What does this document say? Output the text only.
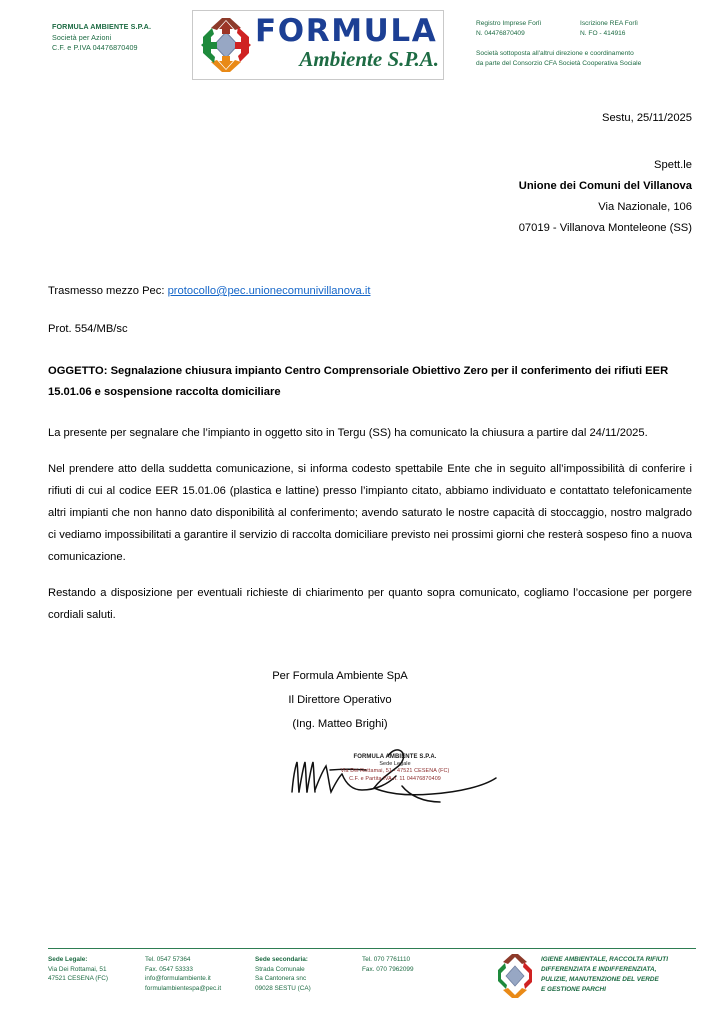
FORMULA AMBIENTE S.P.A.
Società per Azioni
C.F. e P.IVA 04476870409	FORMULA
Ambiente S.P.A.
Registro Imprese Forlì
N. 04476870409
Iscrizione REA Forlì
N. FO - 414916
Società sottoposta all'altrui direzione e coordinamento
da parte del Consorzio CFA Società Cooperativa Sociale
Sestu, 25/11/2025
Spett.le
Unione dei Comuni del Villanova
Via Nazionale, 106
07019 - Villanova Monteleone (SS)
Trasmesso mezzo Pec: protocollo@pec.unionecomunivillanova.it
Prot. 554/MB/sc
OGGETTO: Segnalazione chiusura impianto Centro Comprensoriale Obiettivo Zero per il conferimento dei rifiuti EER 15.01.06 e sospensione raccolta domiciliare
La presente per segnalare che l’impianto in oggetto sito in Tergu (SS) ha comunicato la chiusura a partire dal 24/11/2025.
Nel prendere atto della suddetta comunicazione, si informa codesto spettabile Ente che in seguito all’impossibilità di conferire i rifiuti di cui al codice EER 15.01.06 (plastica e lattine) presso l’impianto citato, abbiamo individuato e contattato telefonicamente altri impianti che non hanno dato disponibilità al conferimento; avendo saturato le nostre capacità di stoccaggio, nostro malgrado ci vediamo impossibilitati a garantire il servizio di raccolta domiciliare previsto nei prossimi giorni che resterà sospeso fino a nuova comunicazione.
Restando a disposizione per eventuali richieste di chiarimento per quanto sopra comunicato, cogliamo l’occasione per porgere cordiali saluti.
Per Formula Ambiente SpA
Il Direttore Operativo
(Ing. Matteo Brighi)
FORMULA AMBIENTE S.P.A.
Sede Legale
Via Dei Rottamai, 51 - 47521 CESENA (FC)
C.F. e Partita IVA n. 11 04476870409
Sede Legale:
Via Dei Rottamai, 51
47521 CESENA (FC)
Tel. 0547 57364
Fax. 0547 53333
info@formulambiente.it
formulambientespa@pec.it
Sede secondaria:
Strada Comunale
Sa Cantonera snc
09028 SESTU (CA)
Tel. 070 7761110
Fax. 070 7962099
IGIENE AMBIENTALE, RACCOLTA RIFIUTI
DIFFERENZIATA E INDIFFERENZIATA,
PULIZIE, MANUTENZIONE DEL VERDE
E GESTIONE PARCHI
